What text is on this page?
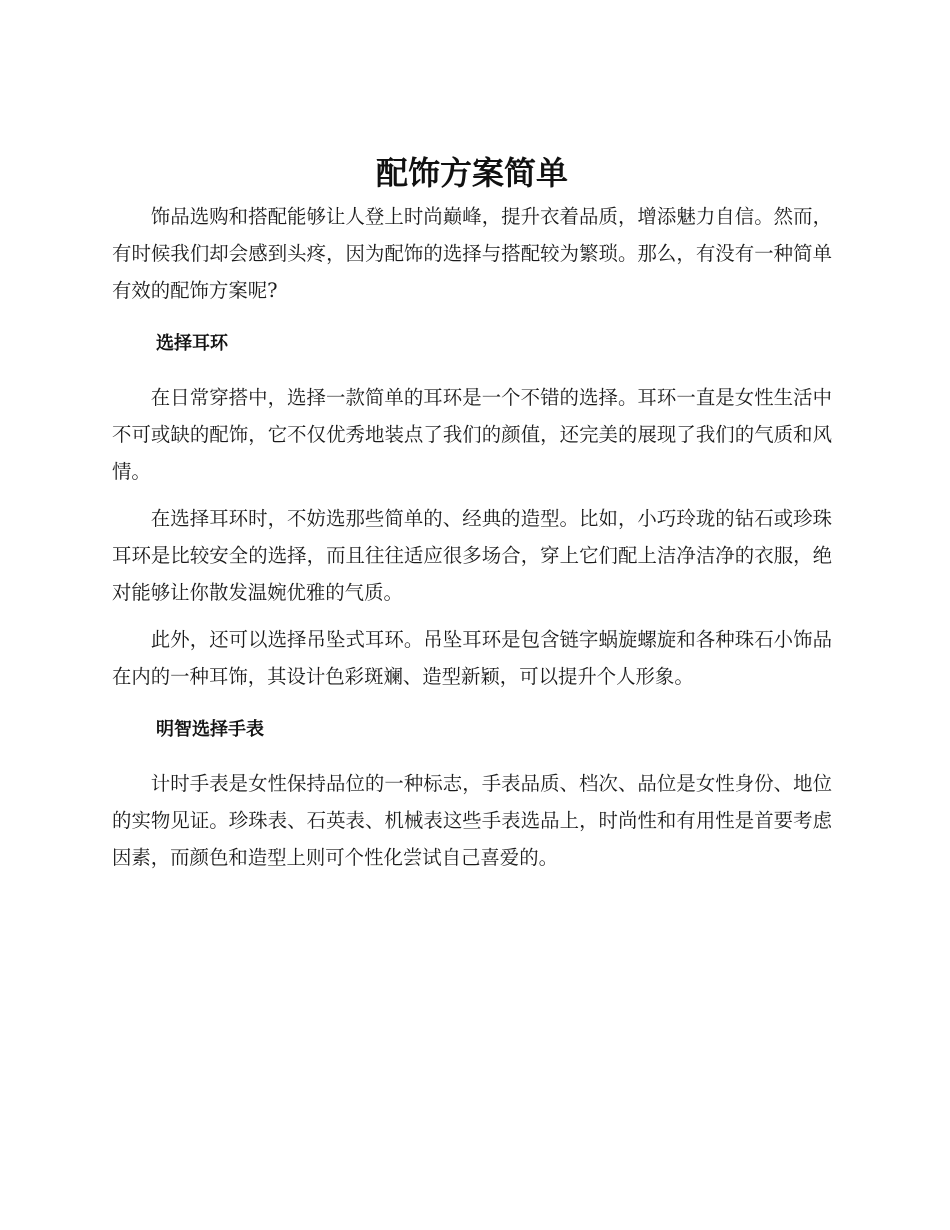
配饰方案简单

饰品选购和搭配能够让人登上时尚巅峰，提升衣着品质，增添魅力自信。然而，有时候我们却会感到头疼，因为配饰的选择与搭配较为繁琐。那么，有没有一种简单有效的配饰方案呢?

选择耳环

在日常穿搭中，选择一款简单的耳环是一个不错的选择。耳环一直是女性生活中不可或缺的配饰，它不仅优秀地装点了我们的颜值，还完美的展现了我们的气质和风情。

在选择耳环时，不妨选那些简单的、经典的造型。比如，小巧玲珑的钻石或珍珠耳环是比较安全的选择，而且往往适应很多场合，穿上它们配上洁净洁净的衣服，绝对能够让你散发温婉优雅的气质。

此外，还可以选择吊坠式耳环。吊坠耳环是包含链字蜗旋螺旋和各种珠石小饰品在内的一种耳饰，其设计色彩斑斓、造型新颖，可以提升个人形象。

明智选择手表

计时手表是女性保持品位的一种标志，手表品质、档次、品位是女性身份、地位的实物见证。珍珠表、石英表、机械表这些手表选品上，时尚性和有用性是首要考虑因素，而颜色和造型上则可个性化尝试自己喜爱的。
